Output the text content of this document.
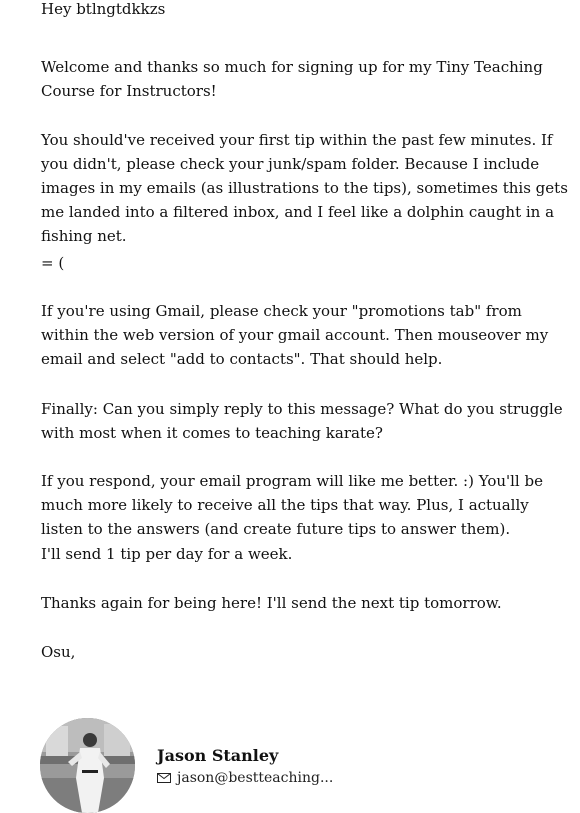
Hey btlngtdkkzs

Welcome and thanks so much for signing up for my Tiny Teaching Course for Instructors!

You should've received your first tip within the past few minutes. If you didn't, please check your junk/spam folder. Because I include images in my emails (as illustrations to the tips), sometimes this gets me landed into a filtered inbox, and I feel like a dolphin caught in a fishing net.

= (

If you're using Gmail, please check your "promotions tab" from within the web version of your gmail account. Then mouseover my email and select "add to contacts". That should help.

Finally: Can you simply reply to this message? What do you struggle with most when it comes to teaching karate?

If you respond, your email program will like me better. :) You'll be much more likely to receive all the tips that way. Plus, I actually listen to the answers (and create future tips to answer them).

I'll send 1 tip per day for a week.

Thanks again for being here! I'll send the next tip tomorrow.

Osu,

Jason Stanley
jason@bestteaching...
